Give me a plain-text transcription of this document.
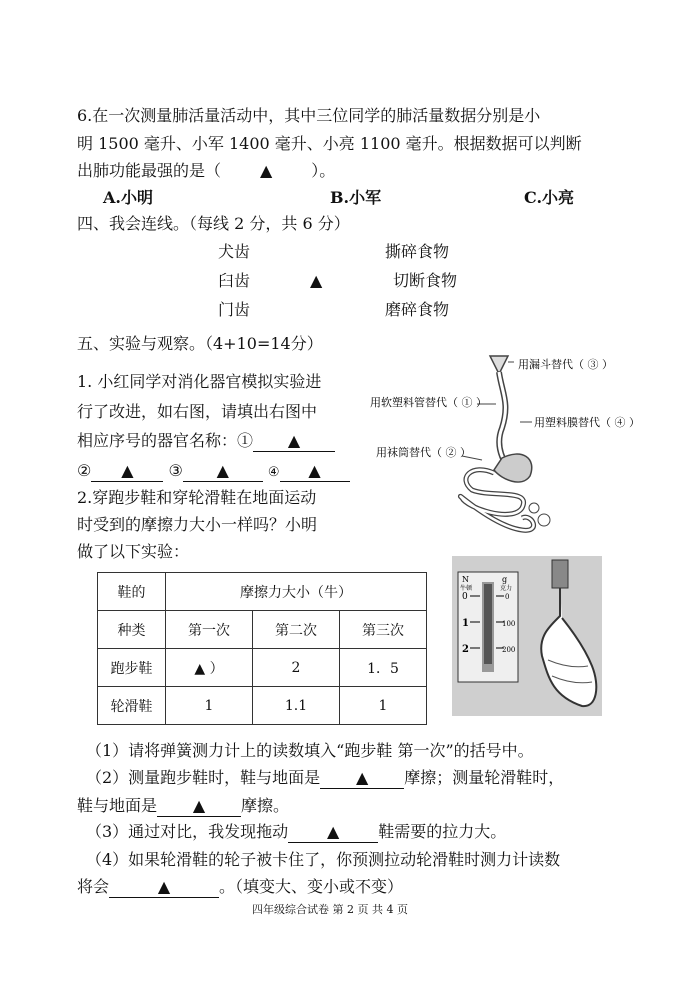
6.在一次测量肺活量活动中，其中三位同学的肺活量数据分别是小
明 1500 毫升、小军 1400 毫升、小亮 1100 毫升。根据数据可以判断
出肺功能最强的是（ ▲ ）。
A.小明	B.小军	C.小亮
四、我会连线。（每线 2 分，共 6 分）
犬齿
臼齿
门齿
▲
撕碎食物
切断食物
磨碎食物
五、实验与观察。（4+10=14分）
1. 小红同学对消化器官模拟实验进
行了改进，如右图，请填出右图中
相应序号的器官名称：① ▲
② ▲ ③ ▲	④ ▲
用漏斗替代（ ③ ）
用软塑料管替代（ ① ）
用塑料膜替代（ ④ ）
用袜筒替代（ ② ）
2.穿跑步鞋和穿轮滑鞋在地面运动
时受到的摩擦力大小一样吗？小明
做了以下实验：
鞋的	摩擦力大小（牛）		
种类	第一次	第二次	第三次
跑步鞋	▲ ）	2	1．5
轮滑鞋	1	1.1	1
N	g
牛顿	克力
0
1
2
0
100
200
（1）请将弹簧测力计上的读数填入“跑步鞋 第一次”的括号中。
（2）测量跑步鞋时，鞋与地面是 ▲ 摩擦；测量轮滑鞋时，
鞋与地面是 ▲ 摩擦。
（3）通过对比，我发现拖动 ▲ 鞋需要的拉力大。
（4）如果轮滑鞋的轮子被卡住了，你预测拉动轮滑鞋时测力计读数
将会	▲	。（填变大、变小或不变）
四年级综合试卷 第 2 页 共 4 页
